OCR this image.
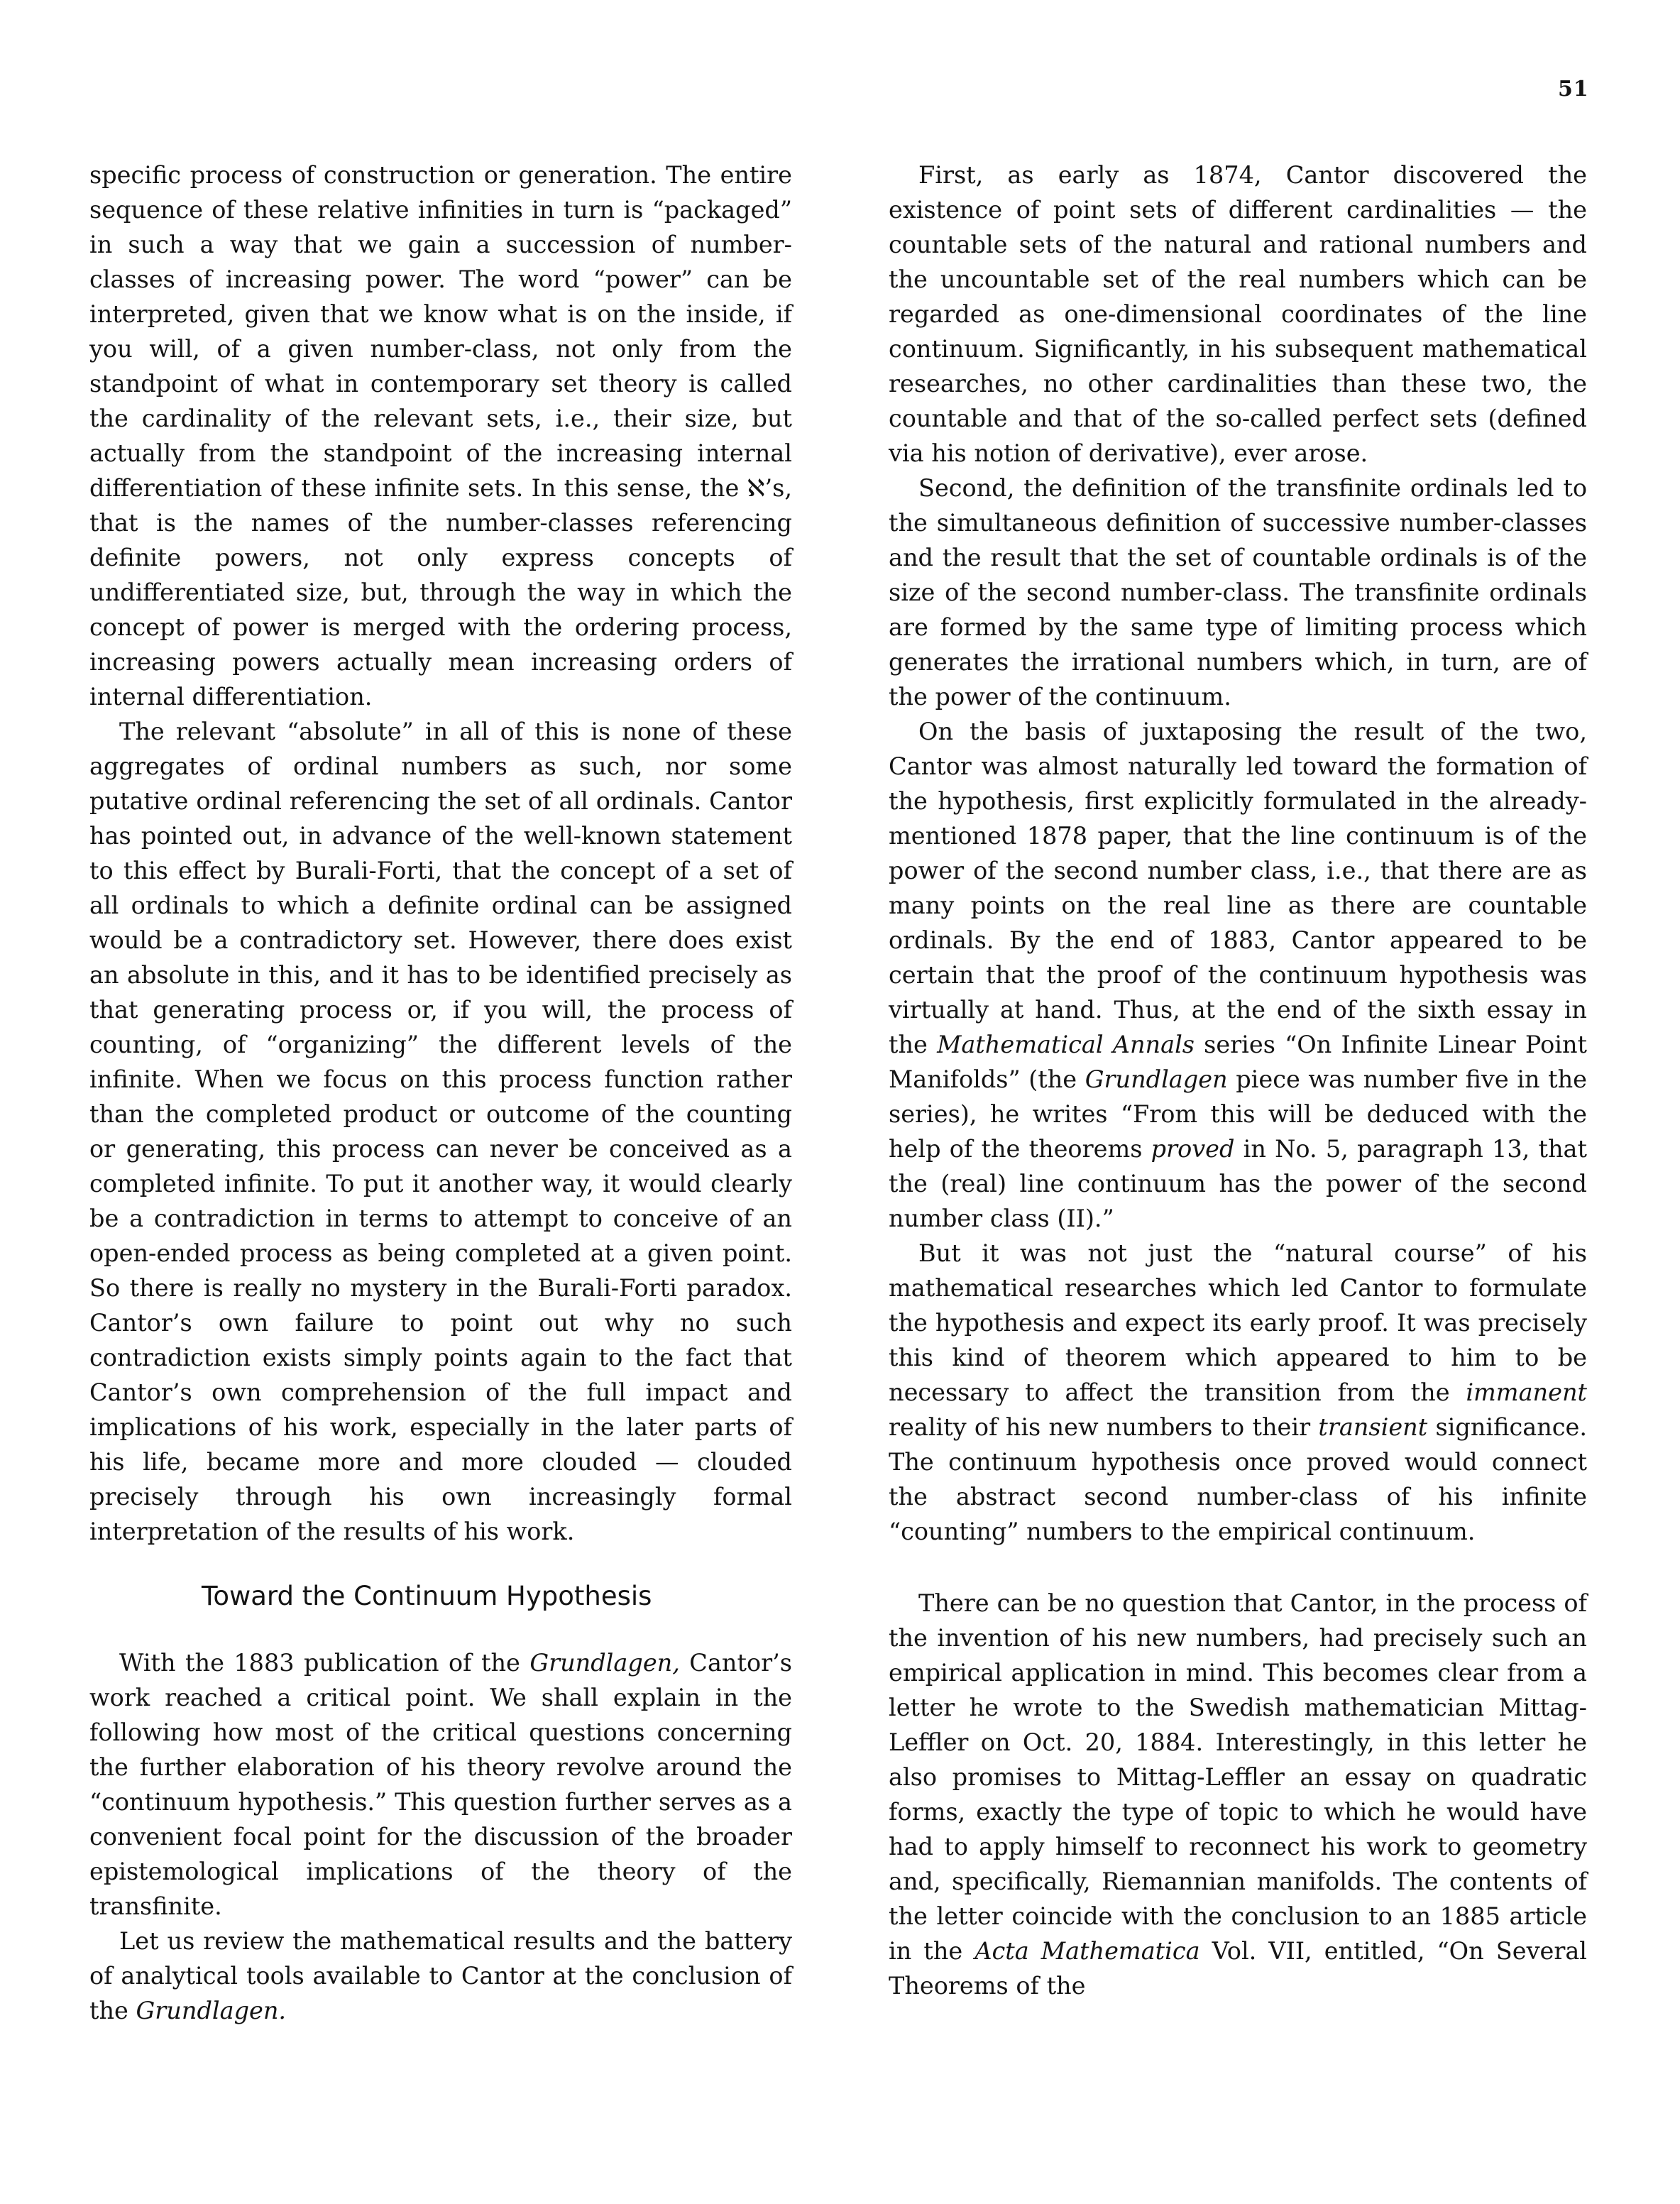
51

specific process of construction or generation. The entire sequence of these relative infinities in turn is “packaged” in such a way that we gain a succession of number-classes of increasing power. The word “power” can be interpreted, given that we know what is on the inside, if you will, of a given number-class, not only from the standpoint of what in contemporary set theory is called the cardinality of the relevant sets, i.e., their size, but actually from the standpoint of the increasing internal differentiation of these infinite sets. In this sense, the ℵ’s, that is the names of the number-classes referencing definite powers, not only express concepts of undifferentiated size, but, through the way in which the concept of power is merged with the ordering process, increasing powers actually mean increasing orders of internal differentiation.

The relevant “absolute” in all of this is none of these aggregates of ordinal numbers as such, nor some putative ordinal referencing the set of all ordinals. Cantor has pointed out, in advance of the well-known statement to this effect by Burali-Forti, that the concept of a set of all ordinals to which a definite ordinal can be assigned would be a contradictory set. However, there does exist an absolute in this, and it has to be identified precisely as that generating process or, if you will, the process of counting, of “organizing” the different levels of the infinite. When we focus on this process function rather than the completed product or outcome of the counting or generating, this process can never be conceived as a completed infinite. To put it another way, it would clearly be a contradiction in terms to attempt to conceive of an open-ended process as being completed at a given point. So there is really no mystery in the Burali-Forti paradox. Cantor’s own failure to point out why no such contradiction exists simply points again to the fact that Cantor’s own comprehension of the full impact and implications of his work, especially in the later parts of his life, became more and more clouded — clouded precisely through his own increasingly formal interpretation of the results of his work.

Toward the Continuum Hypothesis

With the 1883 publication of the Grundlagen, Cantor’s work reached a critical point. We shall explain in the following how most of the critical questions concerning the further elaboration of his theory revolve around the “continuum hypothesis.” This question further serves as a convenient focal point for the discussion of the broader epistemological implications of the theory of the transfinite.

Let us review the mathematical results and the battery of analytical tools available to Cantor at the conclusion of the Grundlagen.

First, as early as 1874, Cantor discovered the existence of point sets of different cardinalities — the countable sets of the natural and rational numbers and the uncountable set of the real numbers which can be regarded as one-dimensional coordinates of the line continuum. Significantly, in his subsequent mathematical researches, no other cardinalities than these two, the countable and that of the so-called perfect sets (defined via his notion of derivative), ever arose.

Second, the definition of the transfinite ordinals led to the simultaneous definition of successive number-classes and the result that the set of countable ordinals is of the size of the second number-class. The transfinite ordinals are formed by the same type of limiting process which generates the irrational numbers which, in turn, are of the power of the continuum.

On the basis of juxtaposing the result of the two, Cantor was almost naturally led toward the formation of the hypothesis, first explicitly formulated in the already-mentioned 1878 paper, that the line continuum is of the power of the second number class, i.e., that there are as many points on the real line as there are countable ordinals. By the end of 1883, Cantor appeared to be certain that the proof of the continuum hypothesis was virtually at hand. Thus, at the end of the sixth essay in the Mathematical Annals series “On Infinite Linear Point Manifolds” (the Grundlagen piece was number five in the series), he writes “From this will be deduced with the help of the theorems proved in No. 5, paragraph 13, that the (real) line continuum has the power of the second number class (II).”

But it was not just the “natural course” of his mathematical researches which led Cantor to formulate the hypothesis and expect its early proof. It was precisely this kind of theorem which appeared to him to be necessary to affect the transition from the immanent reality of his new numbers to their transient significance. The continuum hypothesis once proved would connect the abstract second number-class of his infinite “counting” numbers to the empirical continuum.

There can be no question that Cantor, in the process of the invention of his new numbers, had precisely such an empirical application in mind. This becomes clear from a letter he wrote to the Swedish mathematician Mittag-Leffler on Oct. 20, 1884. Interestingly, in this letter he also promises to Mittag-Leffler an essay on quadratic forms, exactly the type of topic to which he would have had to apply himself to reconnect his work to geometry and, specifically, Riemannian manifolds. The contents of the letter coincide with the conclusion to an 1885 article in the Acta Mathematica Vol. VII, entitled, “On Several Theorems of the
